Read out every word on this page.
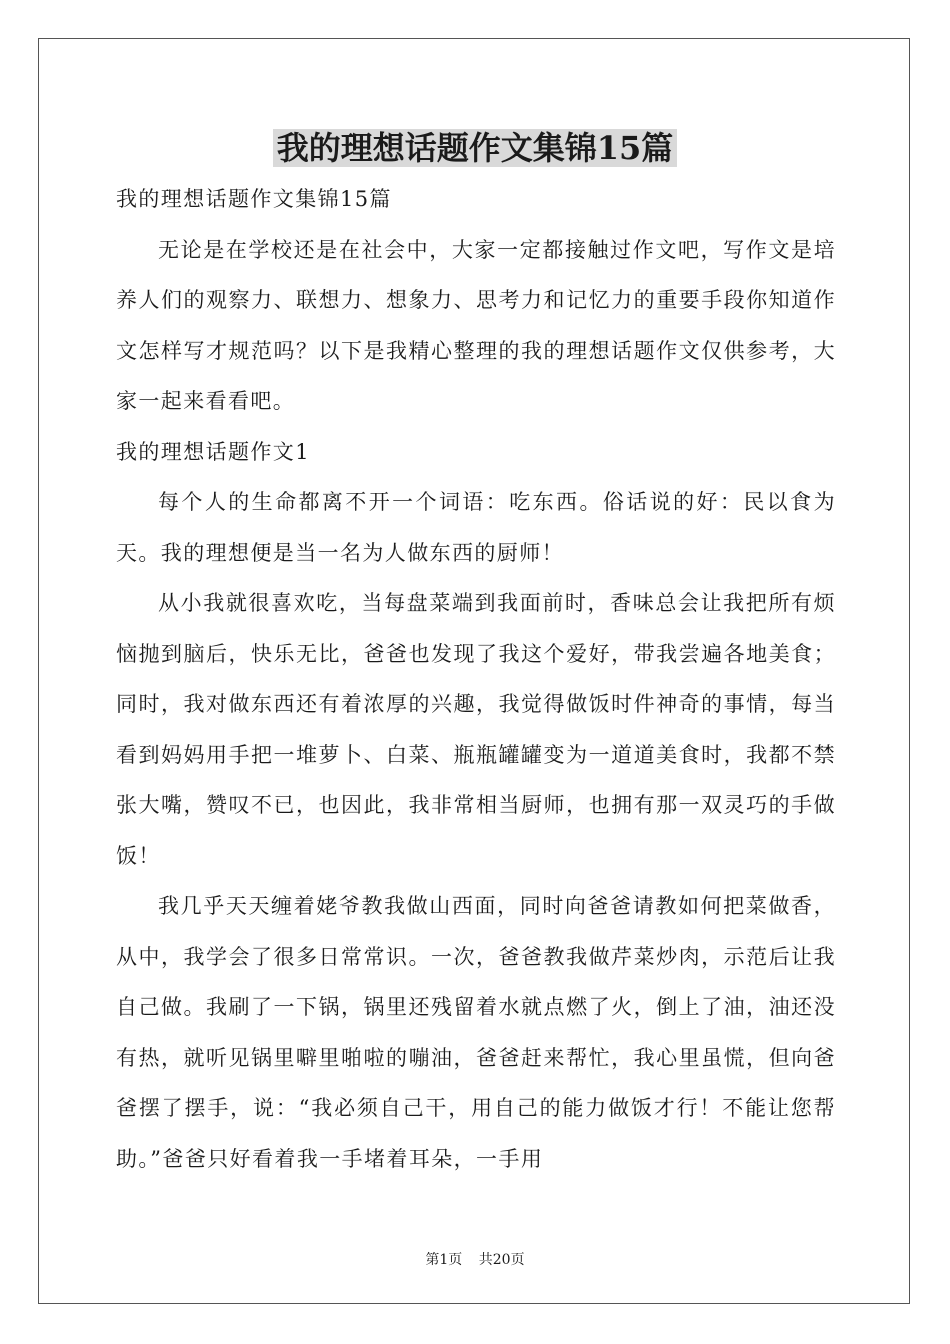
我的理想话题作文集锦15篇

我的理想话题作文集锦15篇

无论是在学校还是在社会中，大家一定都接触过作文吧，写作文是培养人们的观察力、联想力、想象力、思考力和记忆力的重要手段你知道作文怎样写才规范吗？以下是我精心整理的我的理想话题作文仅供参考，大家一起来看看吧。

我的理想话题作文1

每个人的生命都离不开一个词语：吃东西。俗话说的好：民以食为天。我的理想便是当一名为人做东西的厨师！

从小我就很喜欢吃，当每盘菜端到我面前时，香味总会让我把所有烦恼抛到脑后，快乐无比，爸爸也发现了我这个爱好，带我尝遍各地美食；同时，我对做东西还有着浓厚的兴趣，我觉得做饭时件神奇的事情，每当看到妈妈用手把一堆萝卜、白菜、瓶瓶罐罐变为一道道美食时，我都不禁张大嘴，赞叹不已，也因此，我非常相当厨师，也拥有那一双灵巧的手做饭！

我几乎天天缠着姥爷教我做山西面，同时向爸爸请教如何把菜做香，从中，我学会了很多日常常识。一次，爸爸教我做芹菜炒肉，示范后让我自己做。我刷了一下锅，锅里还残留着水就点燃了火，倒上了油，油还没有热，就听见锅里噼里啪啦的嘣油，爸爸赶来帮忙，我心里虽慌，但向爸爸摆了摆手，说：“我必须自己干，用自己的能力做饭才行！不能让您帮助。”爸爸只好看着我一手堵着耳朵，一手用

第1页 共20页
